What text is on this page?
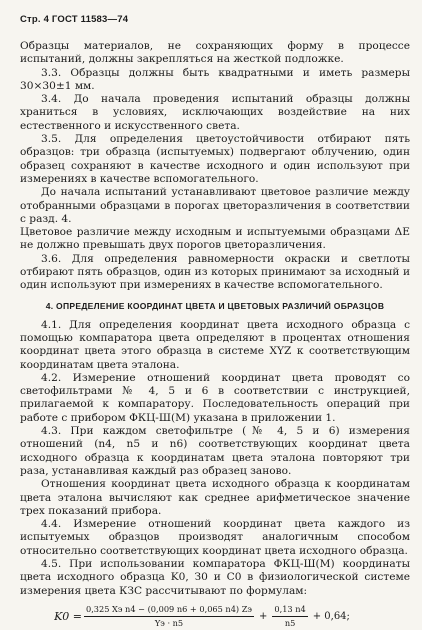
Стр. 4 ГОСТ 11583—74

Образцы материалов, не сохраняющих форму в процессе испытаний, должны закрепляться на жесткой подложке.

3.3. Образцы должны быть квадратными и иметь размеры 30×30±1 мм.

3.4. До начала проведения испытаний образцы должны храниться в условиях, исключающих воздействие на них естественного и искусственного света.

3.5. Для определения цветоустойчивости отбирают пять образцов: три образца (испытуемых) подвергают облучению, один образец сохраняют в качестве исходного и один используют при измерениях в качестве вспомогательного.

До начала испытаний устанавливают цветовое различие между отобранными образцами в порогах цветоразличения в соответствии с разд. 4.

Цветовое различие между исходным и испытуемыми образцами ΔE не должно превышать двух порогов цветоразличения.

3.6. Для определения равномерности окраски и светлоты отбирают пять образцов, один из которых принимают за исходный и один используют при измерениях в качестве вспомогательного.

4. ОПРЕДЕЛЕНИЕ КООРДИНАТ ЦВЕТА И ЦВЕТОВЫХ РАЗЛИЧИЙ ОБРАЗЦОВ

4.1. Для определения координат цвета исходного образца с помощью компаратора цвета определяют в процентах отношения координат цвета этого образца в системе XYZ к соответствующим координатам цвета эталона.

4.2. Измерение отношений координат цвета проводят со светофильтрами № 4, 5 и 6 в соответствии с инструкцией, прилагаемой к компаратору. Последовательность операций при работе с прибором ФКЦ-Ш(М) указана в приложении 1.

4.3. При каждом светофильтре (№ 4, 5 и 6) измерения отношений (n4, n5 и n6) соответствующих координат цвета исходного образца к координатам цвета эталона повторяют три раза, устанавливая каждый раз образец заново.

Отношения координат цвета исходного образца к координатам цвета эталона вычисляют как среднее арифметическое значение трех показаний прибора.

4.4. Измерение отношений координат цвета каждого из испытуемых образцов производят аналогичным способом относительно соответствующих координат цвета исходного образца.

4.5. При использовании компаратора ФКЦ-Ш(М) координаты цвета исходного образца K0, З0 и C0 в физиологической системе измерения цвета КЗС рассчитывают по формулам:

$K0 = \frac{\text{0,325 Xэ n4 − (0,009 n6 + 0,065 n4) Zэ}}{Yэ \cdot n5} + \frac{0,13 n4}{n5} + 0,64$;
